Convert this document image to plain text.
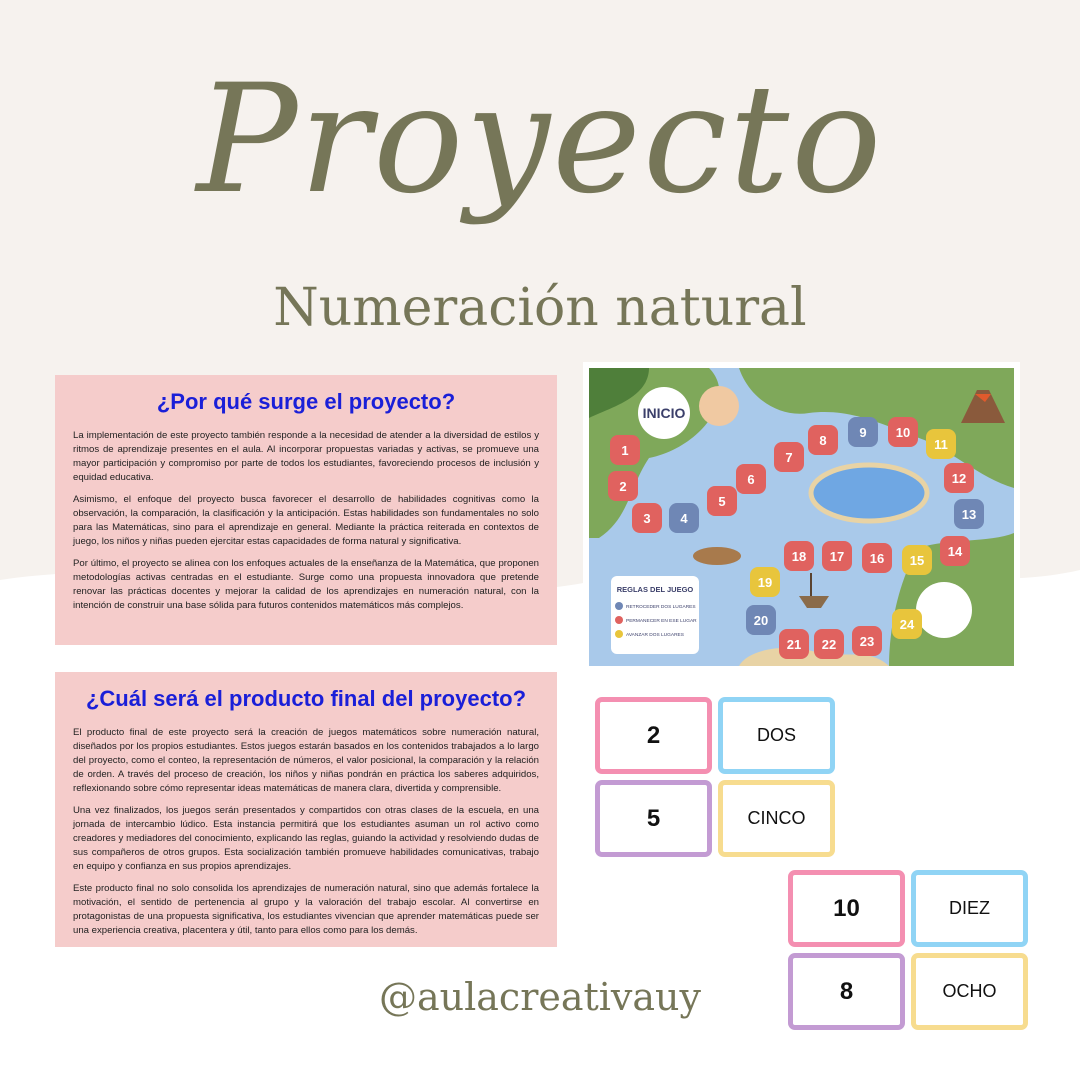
Proyecto
Numeración natural
¿Por qué surge el proyecto?

La implementación de este proyecto también responde a la necesidad de atender a la diversidad de estilos y ritmos de aprendizaje presentes en el aula. Al incorporar propuestas variadas y activas, se promueve una mayor participación y compromiso por parte de todos los estudiantes, favoreciendo procesos de inclusión y equidad educativa.

Asimismo, el enfoque del proyecto busca favorecer el desarrollo de habilidades cognitivas como la observación, la comparación, la clasificación y la anticipación. Estas habilidades son fundamentales no solo para las Matemáticas, sino para el aprendizaje en general. Mediante la práctica reiterada en contextos de juego, los niños y niñas pueden ejercitar estas capacidades de forma natural y significativa.

Por último, el proyecto se alinea con los enfoques actuales de la enseñanza de la Matemática, que proponen metodologías activas centradas en el estudiante. Surge como una propuesta innovadora que pretende renovar las prácticas docentes y mejorar la calidad de los aprendizajes en numeración natural, con la intención de construir una base sólida para futuros contenidos matemáticos más complejos.

¿Cuál será el producto final del proyecto?

El producto final de este proyecto será la creación de juegos matemáticos sobre numeración natural, diseñados por los propios estudiantes. Estos juegos estarán basados en los contenidos trabajados a lo largo del proyecto, como el conteo, la representación de números, el valor posicional, la comparación y la relación de orden. A través del proceso de creación, los niños y niñas pondrán en práctica los saberes adquiridos, reflexionando sobre cómo representar ideas matemáticas de manera clara, divertida y comprensible.

Una vez finalizados, los juegos serán presentados y compartidos con otras clases de la escuela, en una jornada de intercambio lúdico. Esta instancia permitirá que los estudiantes asuman un rol activo como creadores y mediadores del conocimiento, explicando las reglas, guiando la actividad y resolviendo dudas de sus compañeros de otros grupos. Esta socialización también promueve habilidades comunicativas, trabajo en equipo y confianza en sus propios aprendizajes.

Este producto final no solo consolida los aprendizajes de numeración natural, sino que además fortalece la motivación, el sentido de pertenencia al grupo y la valoración del trabajo escolar. Al convertirse en protagonistas de una propuesta significativa, los estudiantes vivencian que aprender matemáticas puede ser una experiencia creativa, placentera y útil, tanto para ellos como para los demás.

INICIO
REGLAS DEL JUEGO
RETROCEDER DOS LUGARES
PERMANECER EN ESE LUGAR
AVANZAR DOS LUGARES
1
2
3 4
5
6
7
8
9 10
11
12
13
14
15
16
17
18
19
20
21 22 23
24
2	DOS
5	CINCO
10	DIEZ
8	OCHO
@aulacreativauy
